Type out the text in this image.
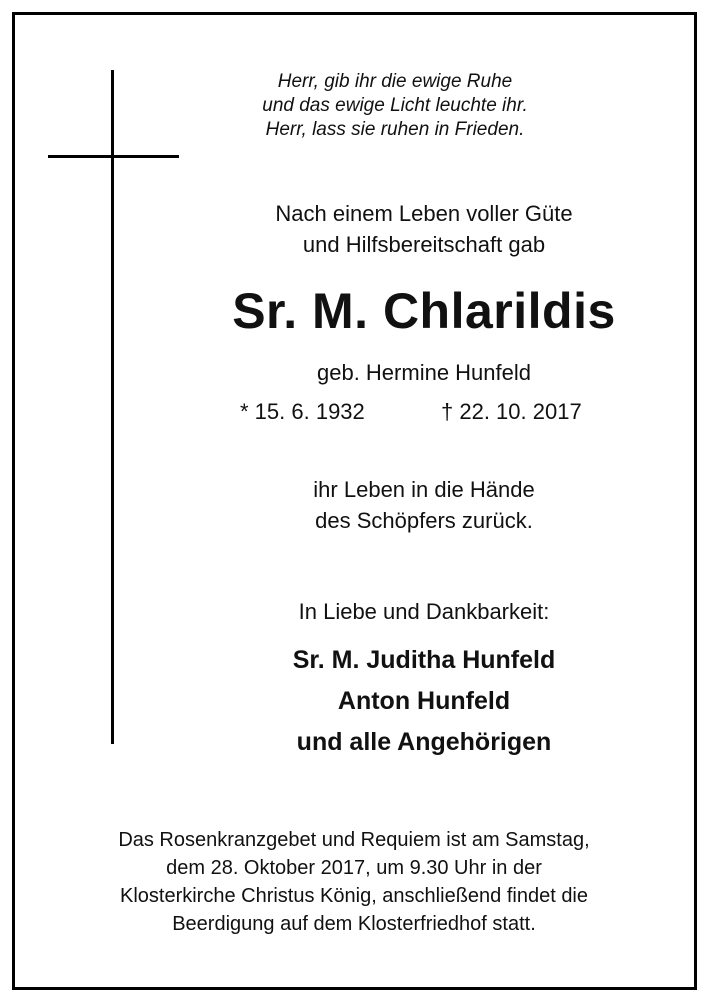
Herr, gib ihr die ewige Ruhe
und das ewige Licht leuchte ihr.
Herr, lass sie ruhen in Frieden.
Nach einem Leben voller Güte
und Hilfsbereitschaft gab
Sr. M. Chlarildis
geb. Hermine Hunfeld
* 15. 6. 1932	† 22. 10. 2017
ihr Leben in die Hände
des Schöpfers zurück.
In Liebe und Dankbarkeit:
Sr. M. Juditha Hunfeld
Anton Hunfeld
und alle Angehörigen
Das Rosenkranzgebet und Requiem ist am Samstag,
dem 28. Oktober 2017, um 9.30 Uhr in der
Klosterkirche Christus König, anschließend findet die
Beerdigung auf dem Klosterfriedhof statt.
